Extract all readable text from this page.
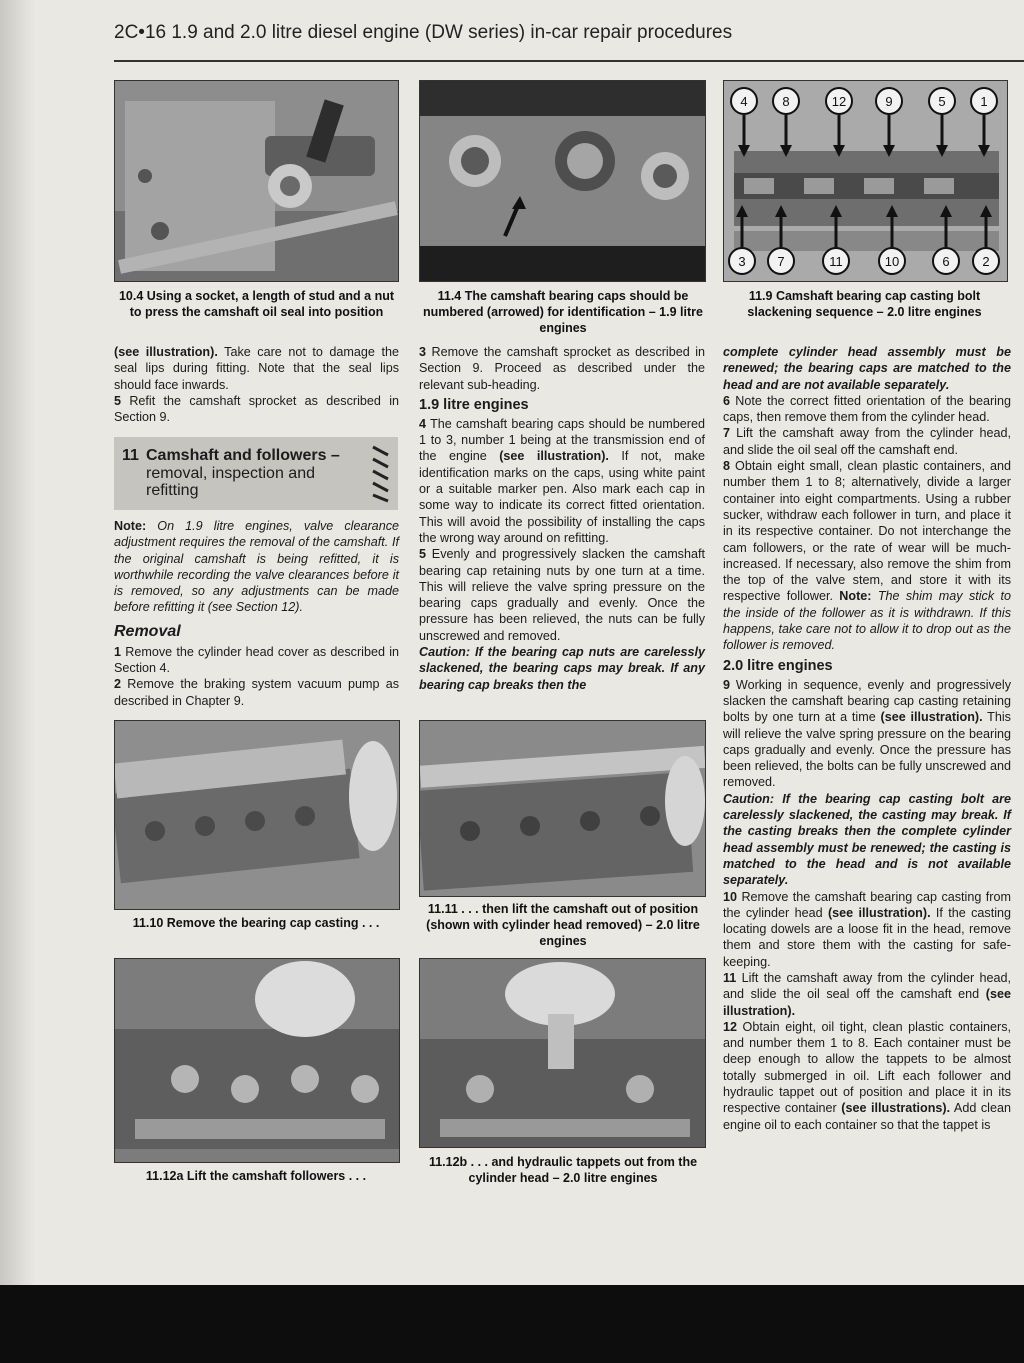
2C•16 1.9 and 2.0 litre diesel engine (DW series) in-car repair procedures
10.4 Using a socket, a length of stud and a nut to press the camshaft oil seal into position
11.4 The camshaft bearing caps should be numbered (arrowed) for identification – 1.9 litre engines
4	8	12	9	5	1
3 7	11	10	6	2
11.9 Camshaft bearing cap casting bolt slackening sequence – 2.0 litre engines

(see illustration). Take care not to damage the seal lips during fitting. Note that the seal lips should face inwards.

5 Refit the camshaft sprocket as described in Section 9.

11 Camshaft and followers –
removal, inspection and refitting

Note: On 1.9 litre engines, valve clearance adjustment requires the removal of the camshaft. If the original camshaft is being refitted, it is worthwhile recording the valve clearances before it is removed, so any adjustments can be made before refitting it (see Section 12).

Removal

1 Remove the cylinder head cover as described in Section 4.

2 Remove the braking system vacuum pump as described in Chapter 9.

3 Remove the camshaft sprocket as described in Section 9. Proceed as described under the relevant sub-heading.

1.9 litre engines

4 The camshaft bearing caps should be numbered 1 to 3, number 1 being at the transmission end of the engine (see illustration). If not, make identification marks on the caps, using white paint or a suitable marker pen. Also mark each cap in some way to indicate its correct fitted orientation. This will avoid the possibility of installing the caps the wrong way around on refitting.

5 Evenly and progressively slacken the camshaft bearing cap retaining nuts by one turn at a time. This will relieve the valve spring pressure on the bearing caps gradually and evenly. Once the pressure has been relieved, the nuts can be fully unscrewed and removed.

Caution: If the bearing cap nuts are carelessly slackened, the bearing caps may break. If any bearing cap breaks then the

complete cylinder head assembly must be renewed; the bearing caps are matched to the head and are not available separately.

6 Note the correct fitted orientation of the bearing caps, then remove them from the cylinder head.

7 Lift the camshaft away from the cylinder head, and slide the oil seal off the camshaft end.

8 Obtain eight small, clean plastic containers, and number them 1 to 8; alternatively, divide a larger container into eight compartments. Using a rubber sucker, withdraw each follower in turn, and place it in its respective container. Do not interchange the cam followers, or the rate of wear will be much-increased. If necessary, also remove the shim from the top of the valve stem, and store it with its respective follower. Note: The shim may stick to the inside of the follower as it is withdrawn. If this happens, take care not to allow it to drop out as the follower is removed.

2.0 litre engines

9 Working in sequence, evenly and progressively slacken the camshaft bearing cap casting retaining bolts by one turn at a time (see illustration). This will relieve the valve spring pressure on the bearing caps gradually and evenly. Once the pressure has been relieved, the bolts can be fully unscrewed and removed.

Caution: If the bearing cap casting bolt are carelessly slackened, the casting may break. If the casting breaks then the complete cylinder head assembly must be renewed; the casting is matched to the head and is not available separately.

10 Remove the camshaft bearing cap casting from the cylinder head (see illustration). If the casting locating dowels are a loose fit in the head, remove them and store them with the casting for safe-keeping.

11 Lift the camshaft away from the cylinder head, and slide the oil seal off the camshaft end (see illustration).

12 Obtain eight, oil tight, clean plastic containers, and number them 1 to 8. Each container must be deep enough to allow the tappets to be almost totally submerged in oil. Lift each follower and hydraulic tappet out of position and place it in its respective container (see illustrations). Add clean engine oil to each container so that the tappet is

11.10 Remove the bearing cap casting . . .
11.11 . . . then lift the camshaft out of position (shown with cylinder head removed) – 2.0 litre engines
11.12a Lift the camshaft followers . . .
11.12b . . . and hydraulic tappets out from the cylinder head – 2.0 litre engines
